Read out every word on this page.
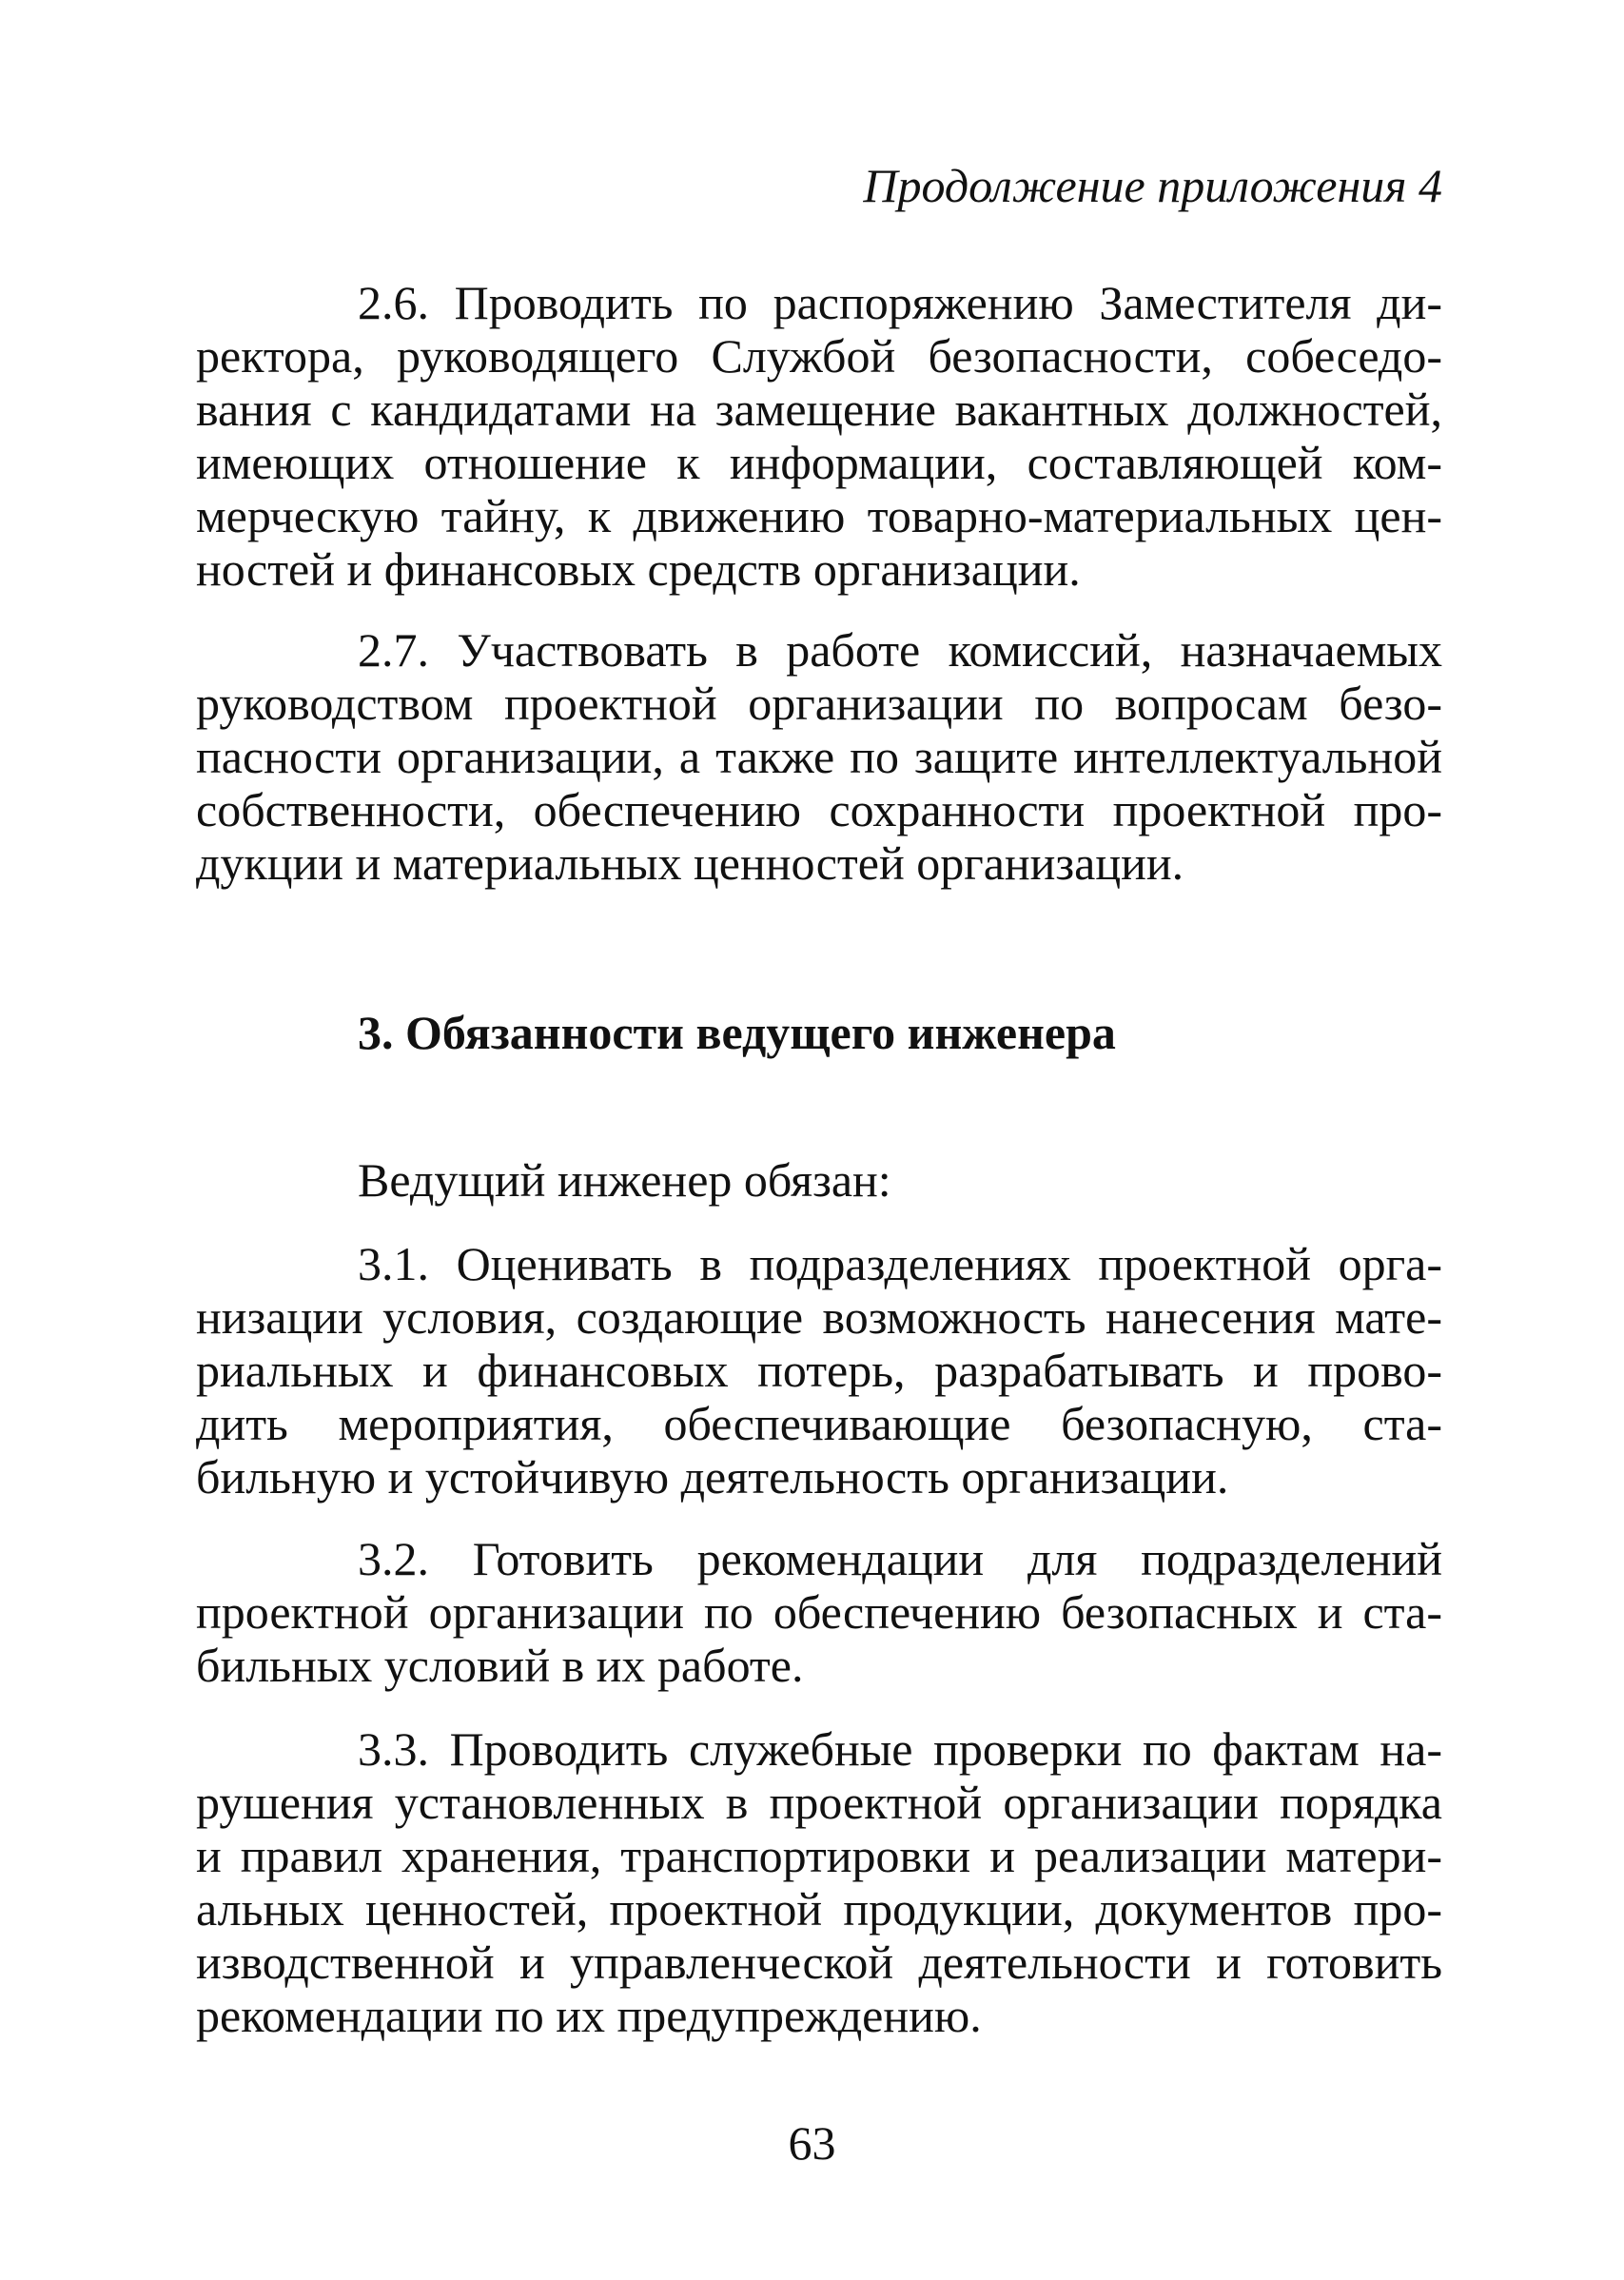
Продолжение приложения 4
2.6. Проводить по распоряжению Заместителя ди-
ректора, руководящего Службой безопасности, собеседо-
вания с кандидатами на замещение вакантных должностей,
имеющих отношение к информации, составляющей ком-
мерческую тайну, к движению товарно-материальных цен-
ностей и финансовых средств организации.
2.7. Участвовать в работе комиссий, назначаемых
руководством проектной организации по вопросам безо-
пасности организации, а также по защите интеллектуальной
собственности, обеспечению сохранности проектной про-
дукции и материальных ценностей организации.
3.1. Оценивать в подразделениях проектной орга-
низации условия, создающие возможность нанесения мате-
риальных и финансовых потерь, разрабатывать и прово-
дить мероприятия, обеспечивающие безопасную, ста-
бильную и устойчивую деятельность организации.
3.2. Готовить рекомендации для подразделений
проектной организации по обеспечению безопасных и ста-
бильных условий в их работе.
3.3. Проводить служебные проверки по фактам на-
рушения установленных в проектной организации порядка
и правил хранения, транспортировки и реализации матери-
альных ценностей, проектной продукции, документов про-
изводственной и управленческой деятельности и готовить
рекомендации по их предупреждению.
3. Обязанности ведущего инженера
Ведущий инженер обязан:
63
